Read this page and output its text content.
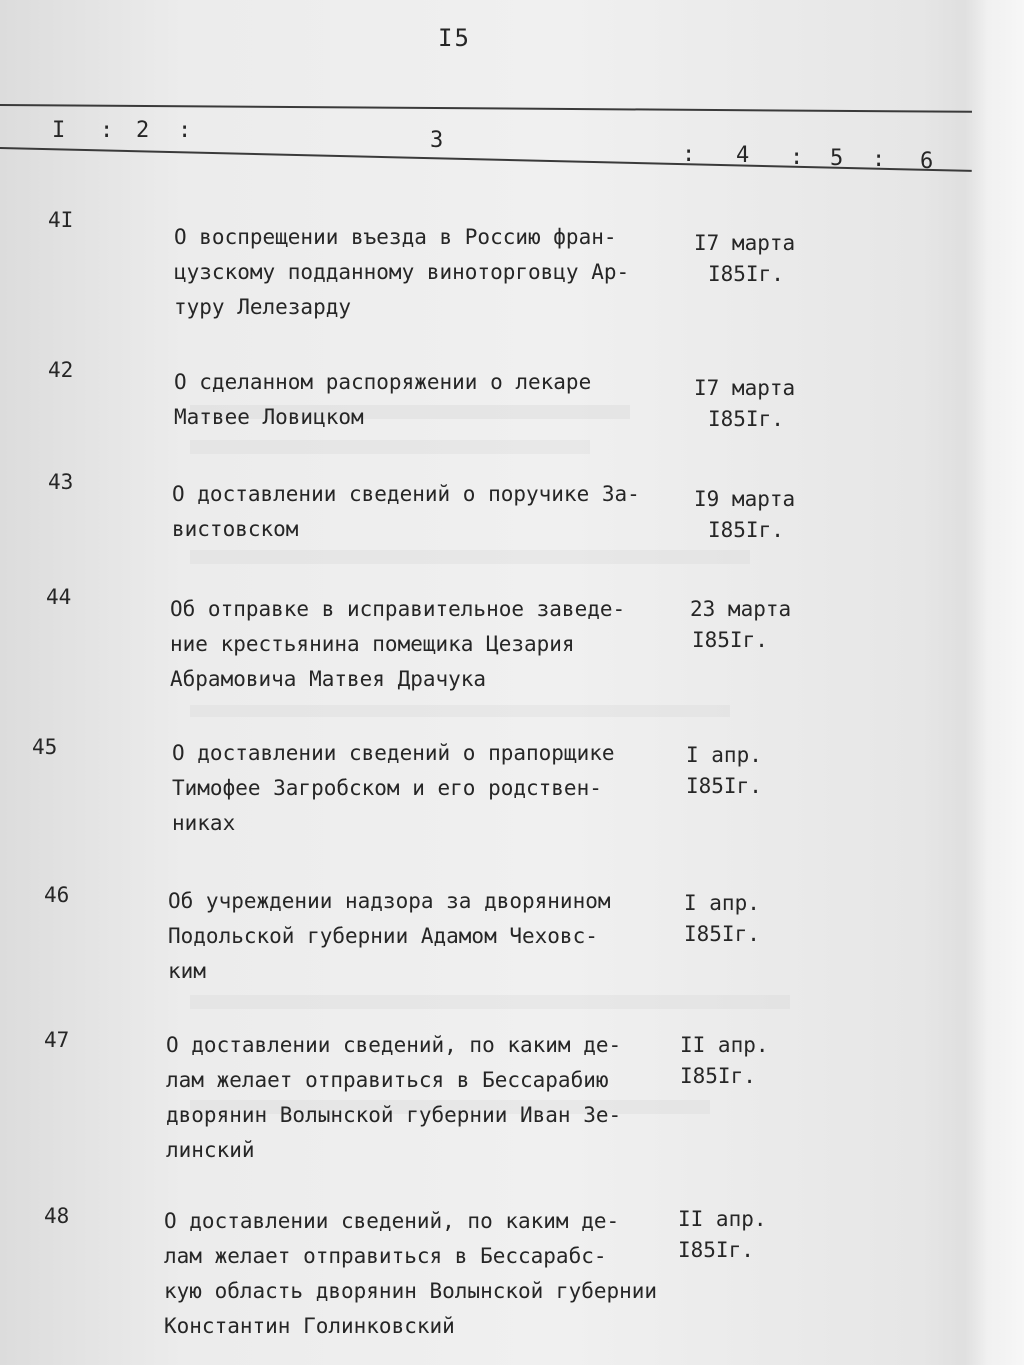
I5
I : 2 :	3
: 4 : 5 : 6
4I
О воспрещении въезда в Россию фран-
цузскому подданному виноторговцу Ар-
туру Лелезарду
I7 марта
I85Iг.
42	О сделанном распоряжении о лекаре
Матвее Ловицком
I7 марта
I85Iг.
43	О доставлении сведений о поручике За-
вистовском
I9 марта
I85Iг.
44	Об отправке в исправительное заведе-
ние крестьянина помещика Цезария
Абрамовича Матвея Драчука
23 марта
I85Iг.
45	О доставлении сведений о прапорщике
Тимофее Загробском и его родствен-
никах
I апр.
I85Iг.
46	Об учреждении надзора за дворянином
Подольской губернии Адамом Чеховс-
ким
I апр.
I85Iг.
47	О доставлении сведений, по каким де-
лам желает отправиться в Бессарабию
дворянин Волынской губернии Иван Зе-
линский
II апр.
I85Iг.
48	О доставлении сведений, по каким де-
лам желает отправиться в Бессарабс-
кую область дворянин Волынской губернии
Константин Голинковский
II апр.
I85Iг.
